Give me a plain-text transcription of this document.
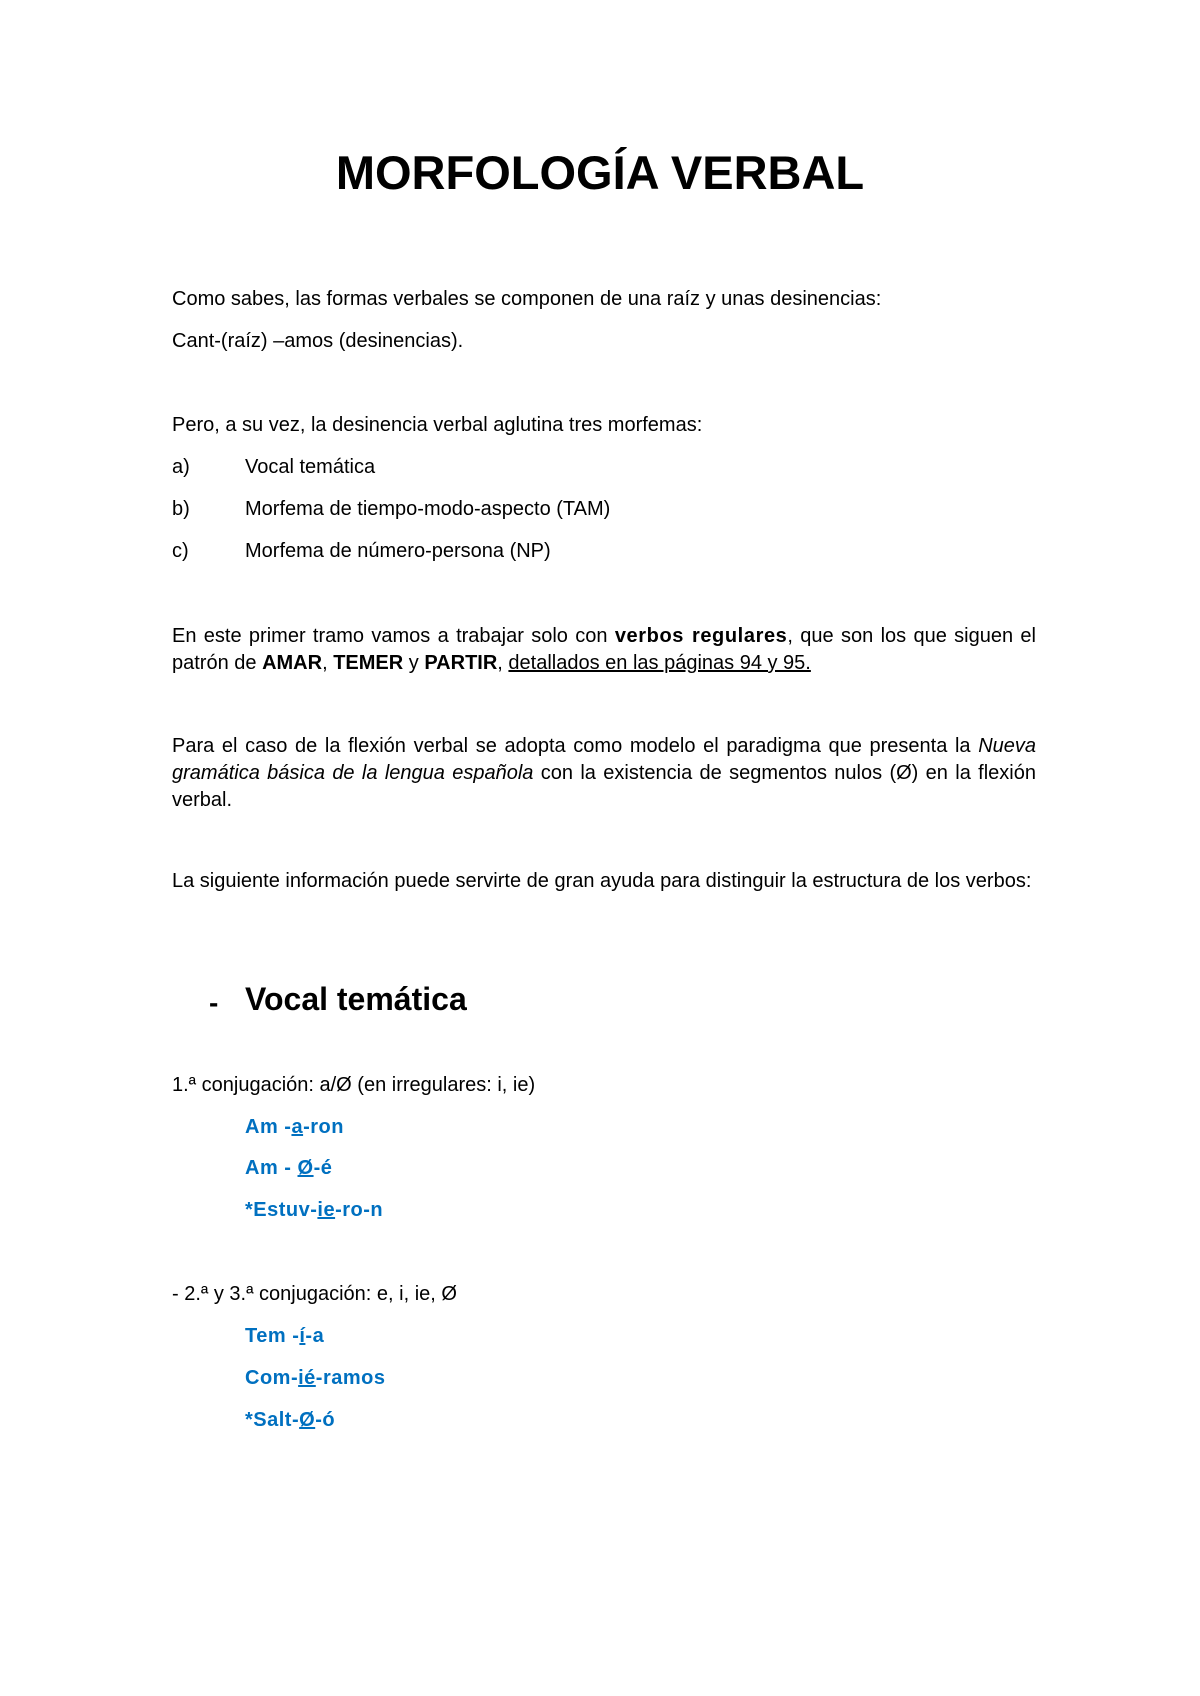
MORFOLOGÍA VERBAL
Como sabes, las formas verbales se componen de una raíz y unas desinencias:
Cant-(raíz) –amos (desinencias).
Pero, a su vez, la desinencia verbal aglutina tres morfemas:
a)	Vocal temática
b)	Morfema de tiempo-modo-aspecto (TAM)
c)	Morfema de número-persona (NP)
En este primer tramo vamos a trabajar solo con verbos regulares, que son los que siguen el patrón de AMAR, TEMER y PARTIR, detallados en las páginas 94 y 95.
Para el caso de la flexión verbal se adopta como modelo el paradigma que presenta la Nueva gramática básica de la lengua española con la existencia de segmentos nulos (Ø) en la flexión verbal.
La siguiente información puede servirte de gran ayuda para distinguir la estructura de los verbos:
- Vocal temática
1.ª conjugación: a/Ø (en irregulares: i, ie)
Am -a-ron
Am - Ø-é
*Estuv-ie-ro-n
- 2.ª y 3.ª conjugación: e, i, ie, Ø
Tem -í-a
Com-ié-ramos
*Salt-Ø-ó
